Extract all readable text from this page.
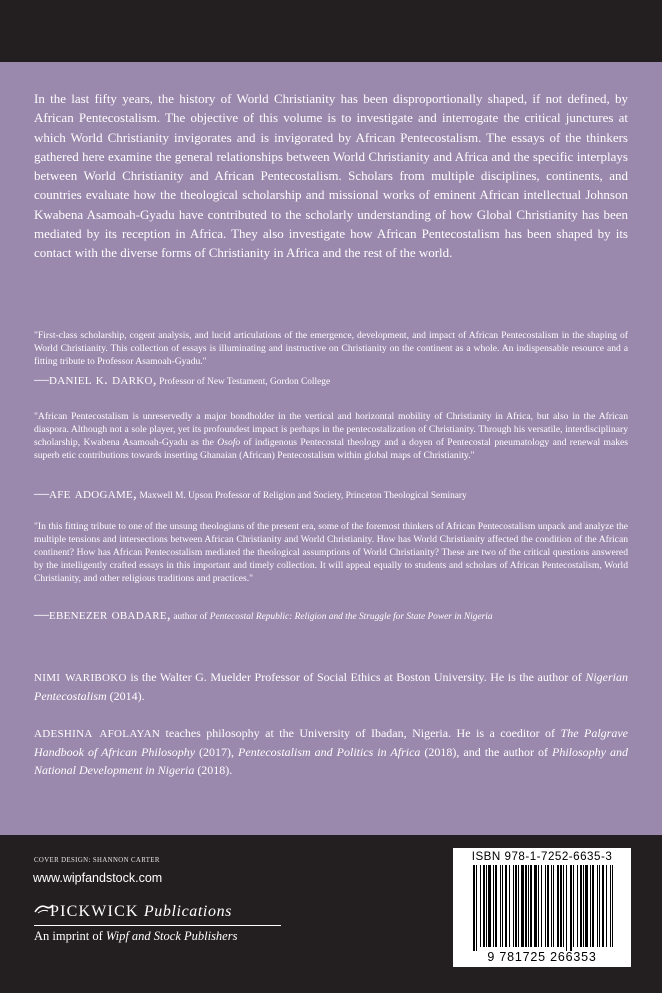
In the last fifty years, the history of World Christianity has been disproportionally shaped, if not defined, by African Pentecostalism. The objective of this volume is to investigate and interrogate the critical junctures at which World Christianity invigorates and is invigorated by African Pentecostalism. The essays of the thinkers gathered here examine the general relationships between World Christianity and Africa and the specific interplays between World Christianity and African Pentecostalism. Scholars from multiple disciplines, continents, and countries evaluate how the theological scholarship and missional works of eminent African intellectual Johnson Kwabena Asamoah-Gyadu have contributed to the scholarly understanding of how Global Christianity has been mediated by its reception in Africa. They also investigate how African Pentecostalism has been shaped by its contact with the diverse forms of Christianity in Africa and the rest of the world.

"First-class scholarship, cogent analysis, and lucid articulations of the emergence, development, and impact of African Pentecostalism in the shaping of World Christianity. This collection of essays is illuminating and instructive on Christianity on the continent as a whole. An indispensable resource and a fitting tribute to Professor Asamoah-Gyadu."

—daniel k. darko, Professor of New Testament, Gordon College

"African Pentecostalism is unreservedly a major bondholder in the vertical and horizontal mobility of Christianity in Africa, but also in the African diaspora. Although not a sole player, yet its profoundest impact is perhaps in the pentecostalization of Christianity. Through his versatile, interdisciplinary scholarship, Kwabena Asamoah-Gyadu as the Osofo of indigenous Pentecostal theology and a doyen of Pentecostal pneumatology and renewal makes superb etic contributions towards inserting Ghanaian (African) Pentecostalism within global maps of Christianity."

—afe adogame, Maxwell M. Upson Professor of Religion and Society, Princeton Theological Seminary

"In this fitting tribute to one of the unsung theologians of the present era, some of the foremost thinkers of African Pentecostalism unpack and analyze the multiple tensions and intersections between African Christianity and World Christianity. How has World Christianity affected the condition of the African continent? How has African Pentecostalism mediated the theological assumptions of World Christianity? These are two of the critical questions answered by the intelligently crafted essays in this important and timely collection. It will appeal equally to students and scholars of African Pentecostalism, World Christianity, and other religious traditions and practices."

—ebenezer obadare, author of Pentecostal Republic: Religion and the Struggle for State Power in Nigeria

nimi wariboko is the Walter G. Muelder Professor of Social Ethics at Boston University. He is the author of Nigerian Pentecostalism (2014).

adeshina afolayan teaches philosophy at the University of Ibadan, Nigeria. He is a coeditor of The Palgrave Handbook of African Philosophy (2017), Pentecostalism and Politics in Africa (2018), and the author of Philosophy and National Development in Nigeria (2018).

COVER DESIGN: SHANNON CARTER
www.wipfandstock.com
PICKWICK Publications
An imprint of Wipf and Stock Publishers
ISBN 978-1-7252-6635-3
9 781725 266353
